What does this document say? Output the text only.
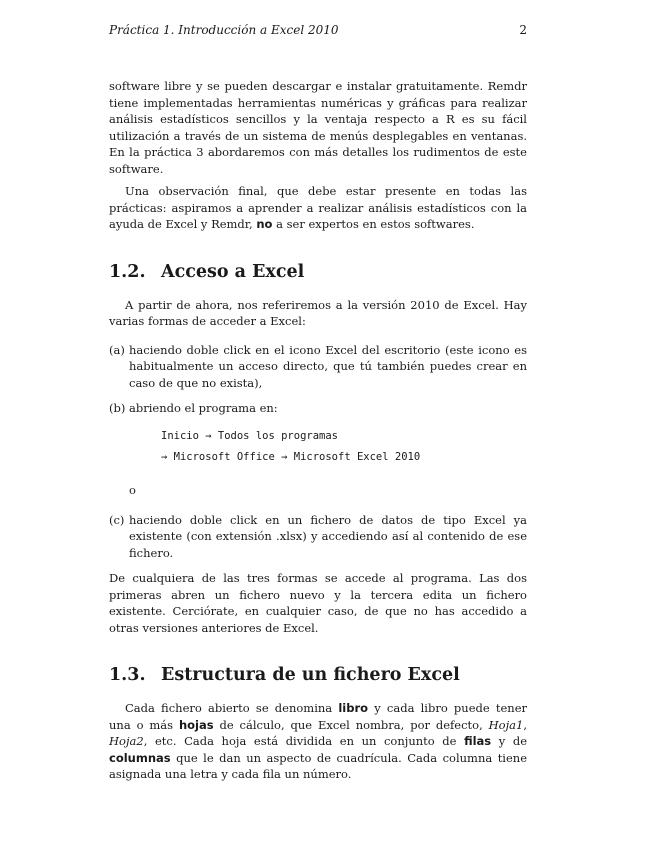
Práctica 1. Introducción a Excel 2010	2

software libre y se pueden descargar e instalar gratuitamente. Remdr tiene implementadas herramientas numéricas y gráficas para realizar análisis estadísticos sencillos y la ventaja respecto a R es su fácil utilización a través de un sistema de menús desplegables en ventanas. En la práctica 3 abordaremos con más detalles los rudimentos de este software.

Una observación final, que debe estar presente en todas las prácticas: aspiramos a aprender a realizar análisis estadísticos con la ayuda de Excel y Remdr, no a ser expertos en estos softwares.

1.2. Acceso a Excel

A partir de ahora, nos referiremos a la versión 2010 de Excel. Hay varias formas de acceder a Excel:

(a) haciendo doble click en el icono Excel del escritorio (este icono es habitualmente un acceso directo, que tú también puedes crear en caso de que no exista),
(b) abriendo el programa en:
Inicio → Todos los programas
→ Microsoft Office → Microsoft Excel 2010
o
(c) haciendo doble click en un fichero de datos de tipo Excel ya existente (con extensión .xlsx) y accediendo así al contenido de ese fichero.

De cualquiera de las tres formas se accede al programa. Las dos primeras abren un fichero nuevo y la tercera edita un fichero existente. Cerciórate, en cualquier caso, de que no has accedido a otras versiones anteriores de Excel.

1.3. Estructura de un fichero Excel

Cada fichero abierto se denomina libro y cada libro puede tener una o más hojas de cálculo, que Excel nombra, por defecto, Hoja1, Hoja2, etc. Cada hoja está dividida en un conjunto de filas y de columnas que le dan un aspecto de cuadrícula. Cada columna tiene asignada una letra y cada fila un número.
